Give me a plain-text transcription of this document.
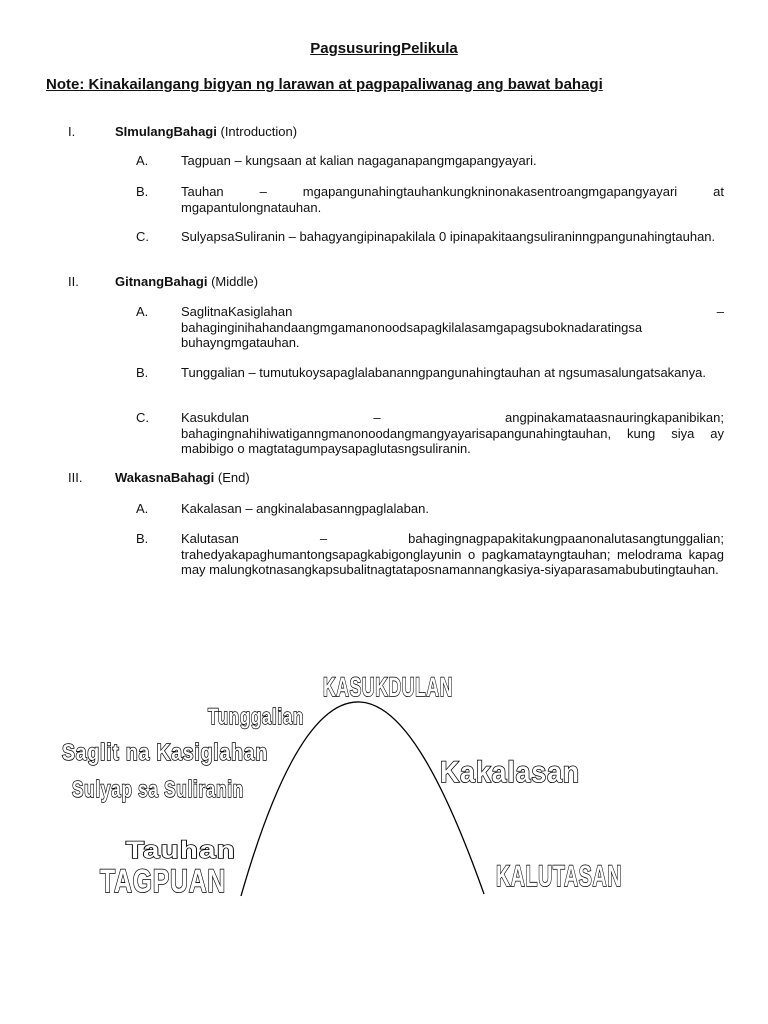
PagsusuringPelikula
Note: Kinakailangang bigyan ng larawan at pagpapaliwanag ang bawat bahagi
I.	SImulangBahagi (Introduction)
A.	Tagpuan – kungsaan at kalian nagaganapangmgapangyayari.
B.	Tauhan – mgapangunahingtauhankungkninonakasentroangmgapangyayari at mgapantulongnatauhan.
C. SulyapsaSuliranin – bahagyangipinapakilala 0 ipinapakitaangsuliraninngpangunahingtauhan.
II.	GitnangBahagi (Middle)
A.	SaglitnaKasiglahan – bahaginginihahandaangmgamanonoodsapagkilalasamgapagsuboknadaratingsa buhayngmgatauhan.
B.	Tunggalian – tumutukoysapaglalabananngpangunahingtauhan at ngsumasalungatsakanya.
C. Kasukdulan – angpinakamataasnauringkapanibikan; bahagingnahihiwatiganngmanonoodangmangyayarisapangunahingtauhan, kung siya ay mabibigo o magtatagumpaysapaglutasngsuliranin.
III.	WakasnaBahagi (End)
A.	Kakalasan – angkinalabasanngpaglalaban.
B.	Kalutasan – bahagingnagpapakitakungpaanonalutasangtunggalian; trahedyakapaghumantongsapagkabigonglayunin o pagkamatayngtauhan; melodrama kapag may malungkotnasangkapsubalitnagtataposnamannangkasiya-siyaparasamabubutingtauhan.
KASUKDULAN
Tunggalian
Saglit na Kasiglahan
Sulyap sa Suliranin	Kakalasan
Tauhan
TAGPUAN	KALUTASAN
